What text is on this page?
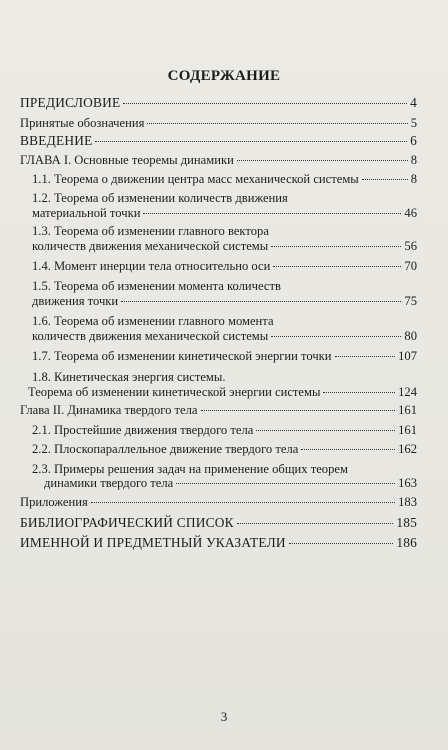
СОДЕРЖАНИЕ
ПРЕДИСЛОВИЕ	4
Принятые обозначения	5
ВВЕДЕНИЕ	6
ГЛАВА I. Основные теоремы динамики	8
1.1. Теорема о движении центра масс механической системы	8
1.2. Теорема об изменении количеств движения
материальной точки	46
1.3. Теорема об изменении главного вектора
количеств движения механической системы	56
1.4. Момент инерции тела относительно оси	70
1.5. Теорема об изменении момента количеств
движения точки	75
1.6. Теорема об изменении главного момента
количеств движения механической системы	80
1.7. Теорема об изменении кинетической энергии точки	107
1.8. Кинетическая энергия системы.
Теорема об изменении кинетической энергии системы	124
Глава II. Динамика твердого тела	161
2.1. Простейшие движения твердого тела	161
2.2. Плоскопараллельное движение твердого тела	162
2.3. Примеры решения задач на применение общих теорем
динамики твердого тела	163
Приложения	183
БИБЛИОГРАФИЧЕСКИЙ СПИСОК	185
ИМЕННОЙ И ПРЕДМЕТНЫЙ УКАЗАТЕЛИ	186
3
